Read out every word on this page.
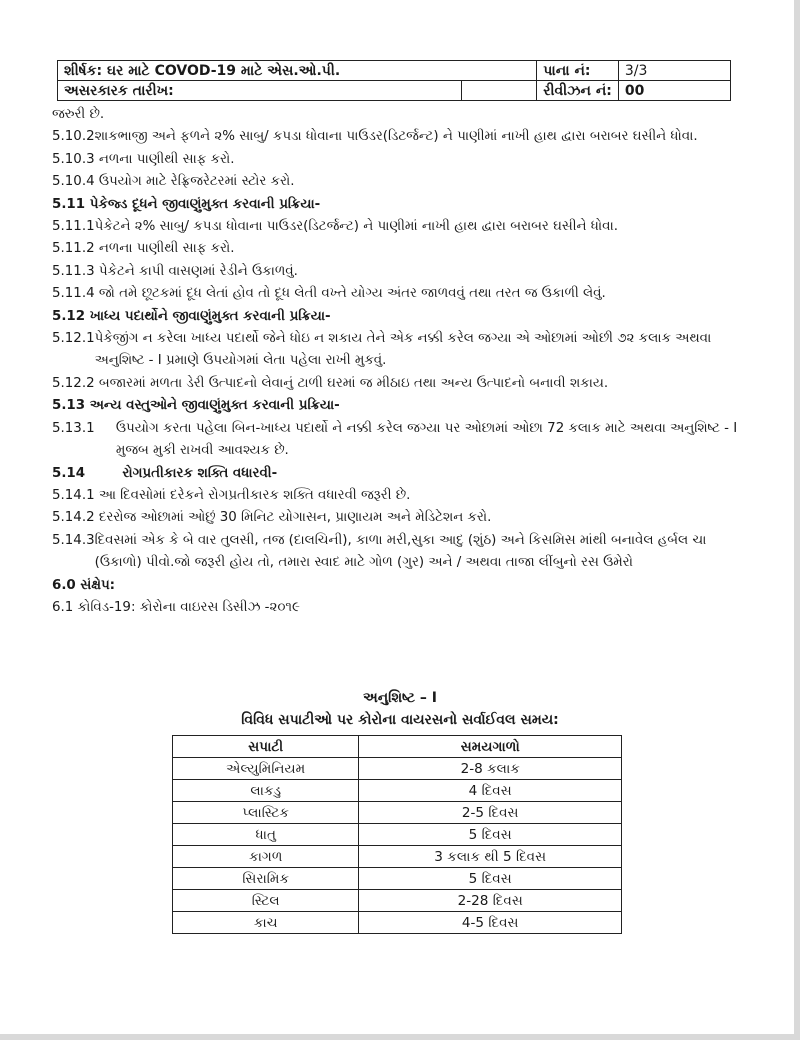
શીર્ષક: ઘર માટે COVOD-19 માટે એસ.ઓ.પી.		પાના નં:	3/3
અસરકારક તારીખ:		રીવીઝન નં:	00
જરુરી છે.
5.10.2 શાકભાજી અને ફળને ૨% સાબુ/ કપડા ધોવાના પાઉડર(ડિટર્જન્ટ) ને પાણીમાં નાખી હાથ દ્વારા બરાબર ઘસીને ધોવા.
5.10.3 નળના પાણીથી સાફ કરો.
5.10.4 ઉપયોગ માટે રેફ્રિજરેટરમાં સ્ટોર કરો.
5.11 પેકેજ્ડ દૂધને જીવાણુંમુક્ત કરવાની પ્રક્રિયા-
5.11.1 પેકેટને ૨% સાબુ/ કપડા ધોવાના પાઉડર(ડિટર્જન્ટ) ને પાણીમાં નાખી હાથ દ્વારા બરાબર ઘસીને ધોવા.
5.11.2 નળના પાણીથી સાફ કરો.
5.11.3 પેકેટને કાપી વાસણમાં રેડીને ઉકાળવું.
5.11.4 જો તમે છૂટકમાં દૂધ લેતાં હોવ તો દૂધ લેતી વખ્તે યોગ્ય અંતર જાળવવું તથા તરત જ ઉકાળી લેવું.
5.12 ખાધ્ય પદાર્થોને જીવાણુંમુક્ત કરવાની પ્રક્રિયા-
5.12.1 પેકેજીંગ ન કરેલા ખાધ્ય પદાર્થો જેને ધોઇ ન શકાય તેને એક નક્કી કરેલ જગ્યા એ ઓછામાં ઓછી ૭૨ કલાક અથવા અનુશિષ્ટ - I પ્રમાણે ઉપયોગમાં લેતા પહેલા રાખી મુકવું.
5.12.2 બજારમાં મળતા ડેરી ઉત્પાદનો લેવાનું ટાળી ઘરમાં જ મીઠાઇ તથા અન્ય ઉત્પાદનો બનાવી શકાય.
5.13 અન્ય વસ્તુઓને જીવાણુંમુક્ત કરવાની પ્રક્રિયા-
5.13.1 ઉપયોગ કરતા પહેલા બિન-ખાધ્ય પદાર્થો ને નક્કી કરેલ જગ્યા પર ઓછામાં ઓછા 72 કલાક માટે અથવા અનુશિષ્ટ - I મુજબ મુકી રાખવી આવશ્યક છે.
5.14        રોગપ્રતીકારક શક્તિ વધારવી-
5.14.1 આ દિવસોમાં દરેકને રોગપ્રતીકારક શક્તિ વધારવી જરૂરી છે.
5.14.2 દરરોજ ઓછામાં ઓછું 30 મિનિટ યોગાસન, પ્રાણાયમ અને મેડિટેશન કરો.
5.14.3 દિવસમાં એક કે બે વાર તુલસી, તજ (દાલચિની), કાળા મરી,સુકા આદુ (શુંઠ) અને કિસમિસ માંથી બનાવેલ હર્બલ ચા (ઉકાળો) પીવો.જો જરૂરી હોય તો, તમારા સ્વાદ માટે ગોળ (ગુર) અને / અથવા તાજા લીંબુનો રસ ઉમેરો
6.0 સંક્ષેપ:
6.1 કોવિડ-19: કોરોના વાઇરસ ડિસીઝ -૨૦૧૯
અનુશિષ્ટ – I
વિવિધ સપાટીઓ પર કોરોના વાયરસનો સર્વાઈવલ સમય:
સપાટી	સમયગાળો
એલ્યુમિનિયમ	2-8 કલાક
લાકડુ	4 દિવસ
પ્લાસ્ટિક	2-5 દિવસ
ધાતુ	5 દિવસ
કાગળ	3 કલાક થી 5 દિવસ
સિરામિક	5 દિવસ
સ્ટિલ	2-28 દિવસ
કાચ	4-5 દિવસ
